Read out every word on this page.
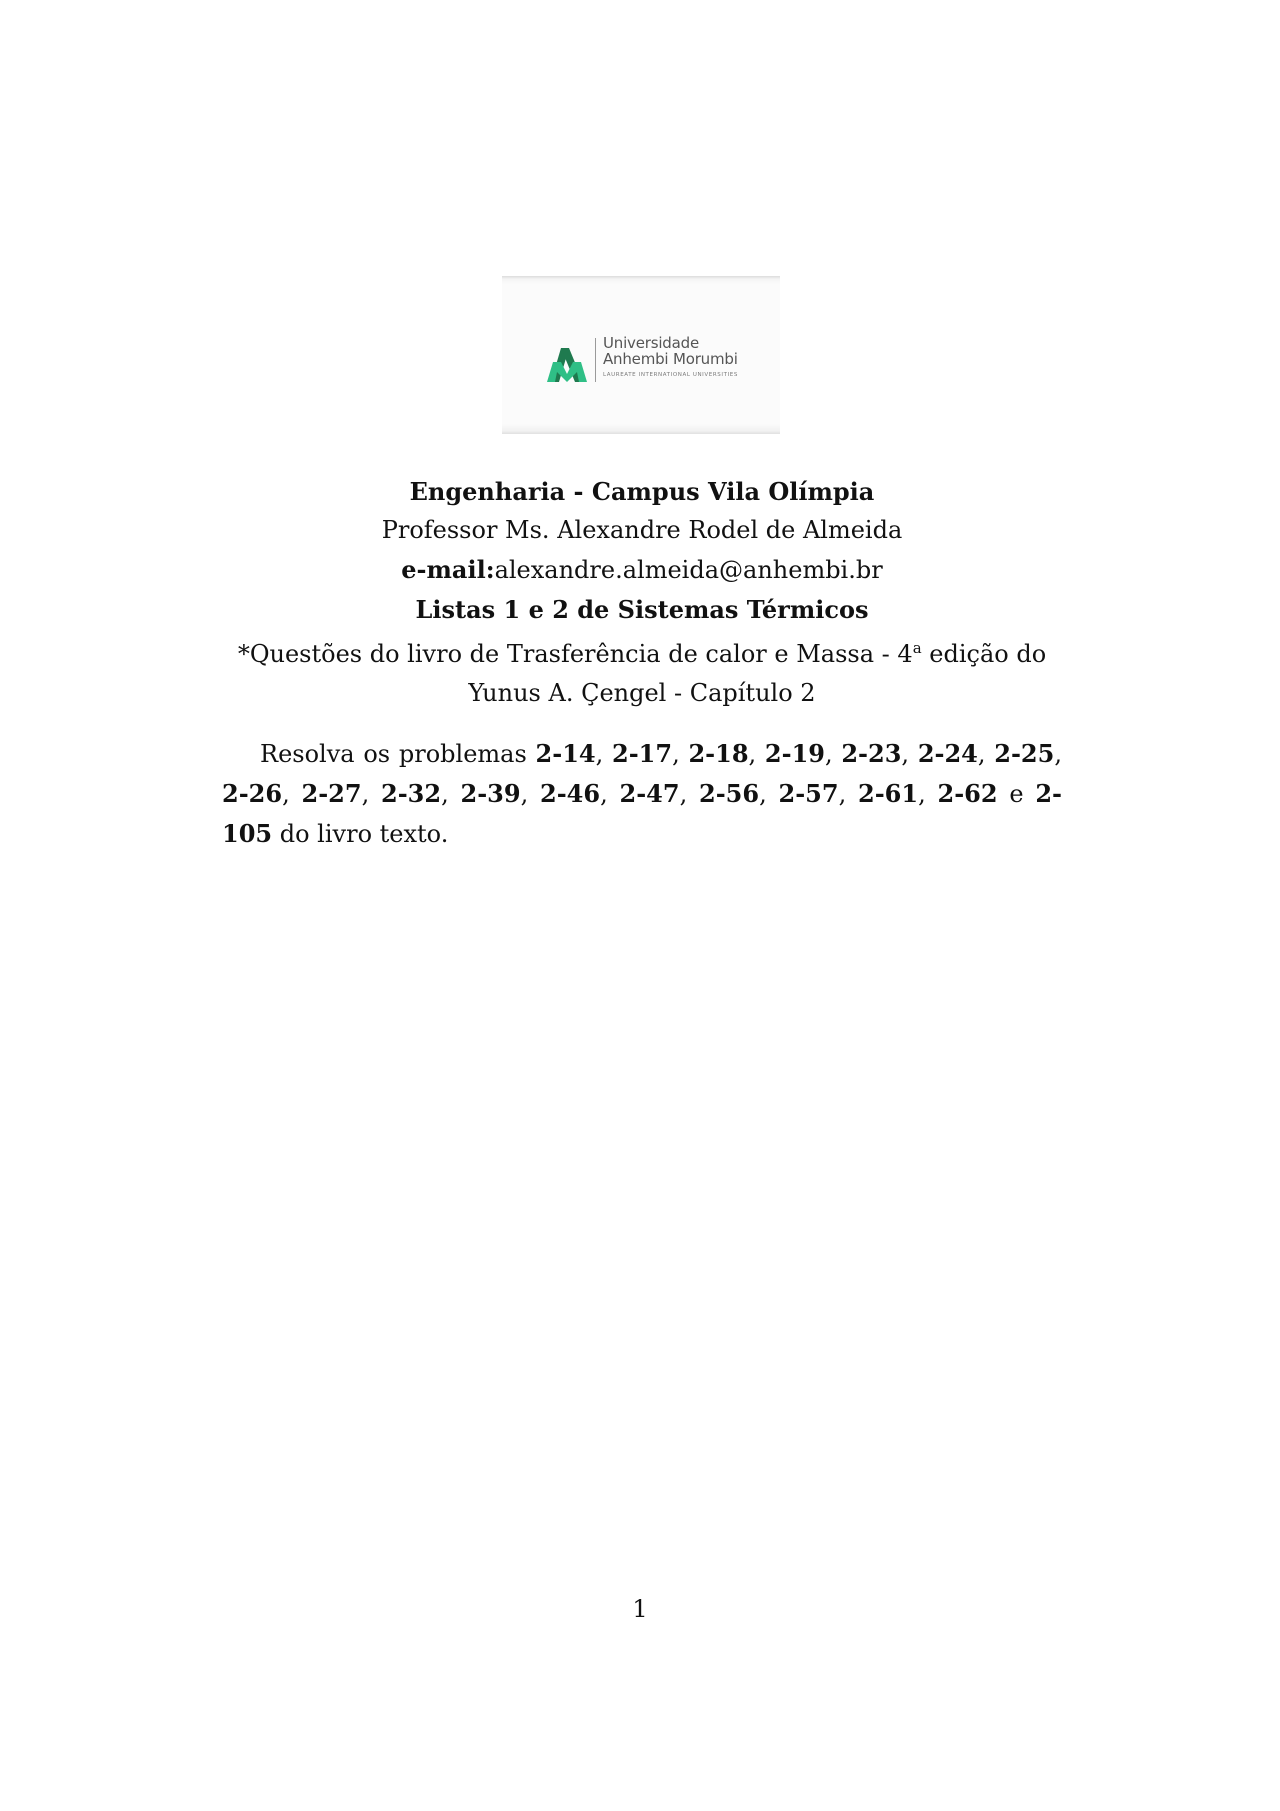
Universidade
Anhembi Morumbi
LAUREATE INTERNATIONAL UNIVERSITIES
Engenharia - Campus Vila Olímpia
Professor Ms. Alexandre Rodel de Almeida
e-mail:alexandre.almeida@anhembi.br
Listas 1 e 2 de Sistemas Térmicos
*Questões do livro de Trasferência de calor e Massa - 4$^a$ edição do Yunus A. Çengel - Capítulo 2
Resolva os problemas 2-14, 2-17, 2-18, 2-19, 2-23, 2-24, 2-25, 2-26, 2-27, 2-32, 2-39, 2-46, 2-47, 2-56, 2-57, 2-61, 2-62 e 2-105 do livro texto.
1
